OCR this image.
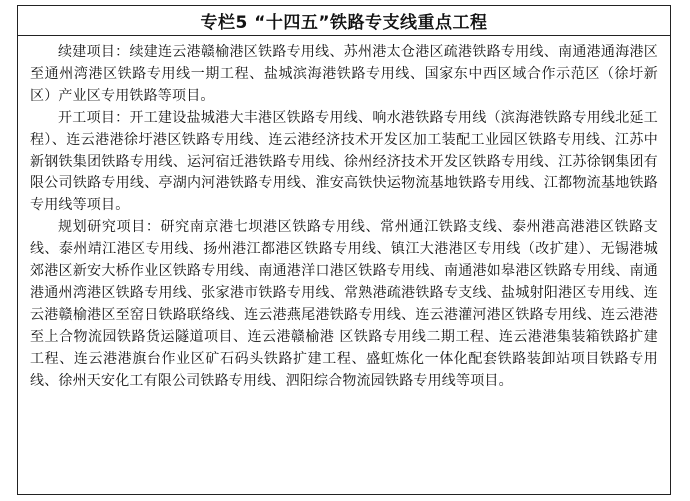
专栏5 “十四五”铁路专支线重点工程

续建项目：续建连云港赣榆港区铁路专用线、苏州港太仓港区疏港铁路专用线、南通港通海港区至通州湾港区铁路专用线一期工程、盐城滨海港铁路专用线、国家东中西区域合作示范区（徐圩新区）产业区专用铁路等项目。

开工项目：开工建设盐城港大丰港区铁路专用线、响水港铁路专用线（滨海港铁路专用线北延工程）、连云港港徐圩港区铁路专用线、连云港经济技术开发区加工装配工业园区铁路专用线、江苏中新钢铁集团铁路专用线、运河宿迁港铁路专用线、徐州经济技术开发区铁路专用线、江苏徐钢集团有限公司铁路专用线、亭湖内河港铁路专用线、淮安高铁快运物流基地铁路专用线、江都物流基地铁路专用线等项目。

规划研究项目：研究南京港七坝港区铁路专用线、常州通江铁路支线、泰州港高港港区铁路支线、泰州靖江港区专用线、扬州港江都港区铁路专用线、镇江大港港区专用线（改扩建）、无锡港城郊港区新安大桥作业区铁路专用线、南通港洋口港区铁路专用线、南通港如皋港区铁路专用线、南通港通州湾港区铁路专用线、张家港市铁路专用线、常熟港疏港铁路专支线、盐城射阳港区专用线、连云港赣榆港区至窑日铁路联络线、连云港燕尾港铁路专用线、连云港灌河港区铁路专用线、连云港港至上合物流园铁路货运隧道项目、连云港赣榆港 区铁路专用线二期工程、连云港港集装箱铁路扩建工程、连云港港旗台作业区矿石码头铁路扩建工程、盛虹炼化一体化配套铁路装卸站项目铁路专用线、徐州天安化工有限公司铁路专用线、泗阳综合物流园铁路专用线等项目。
